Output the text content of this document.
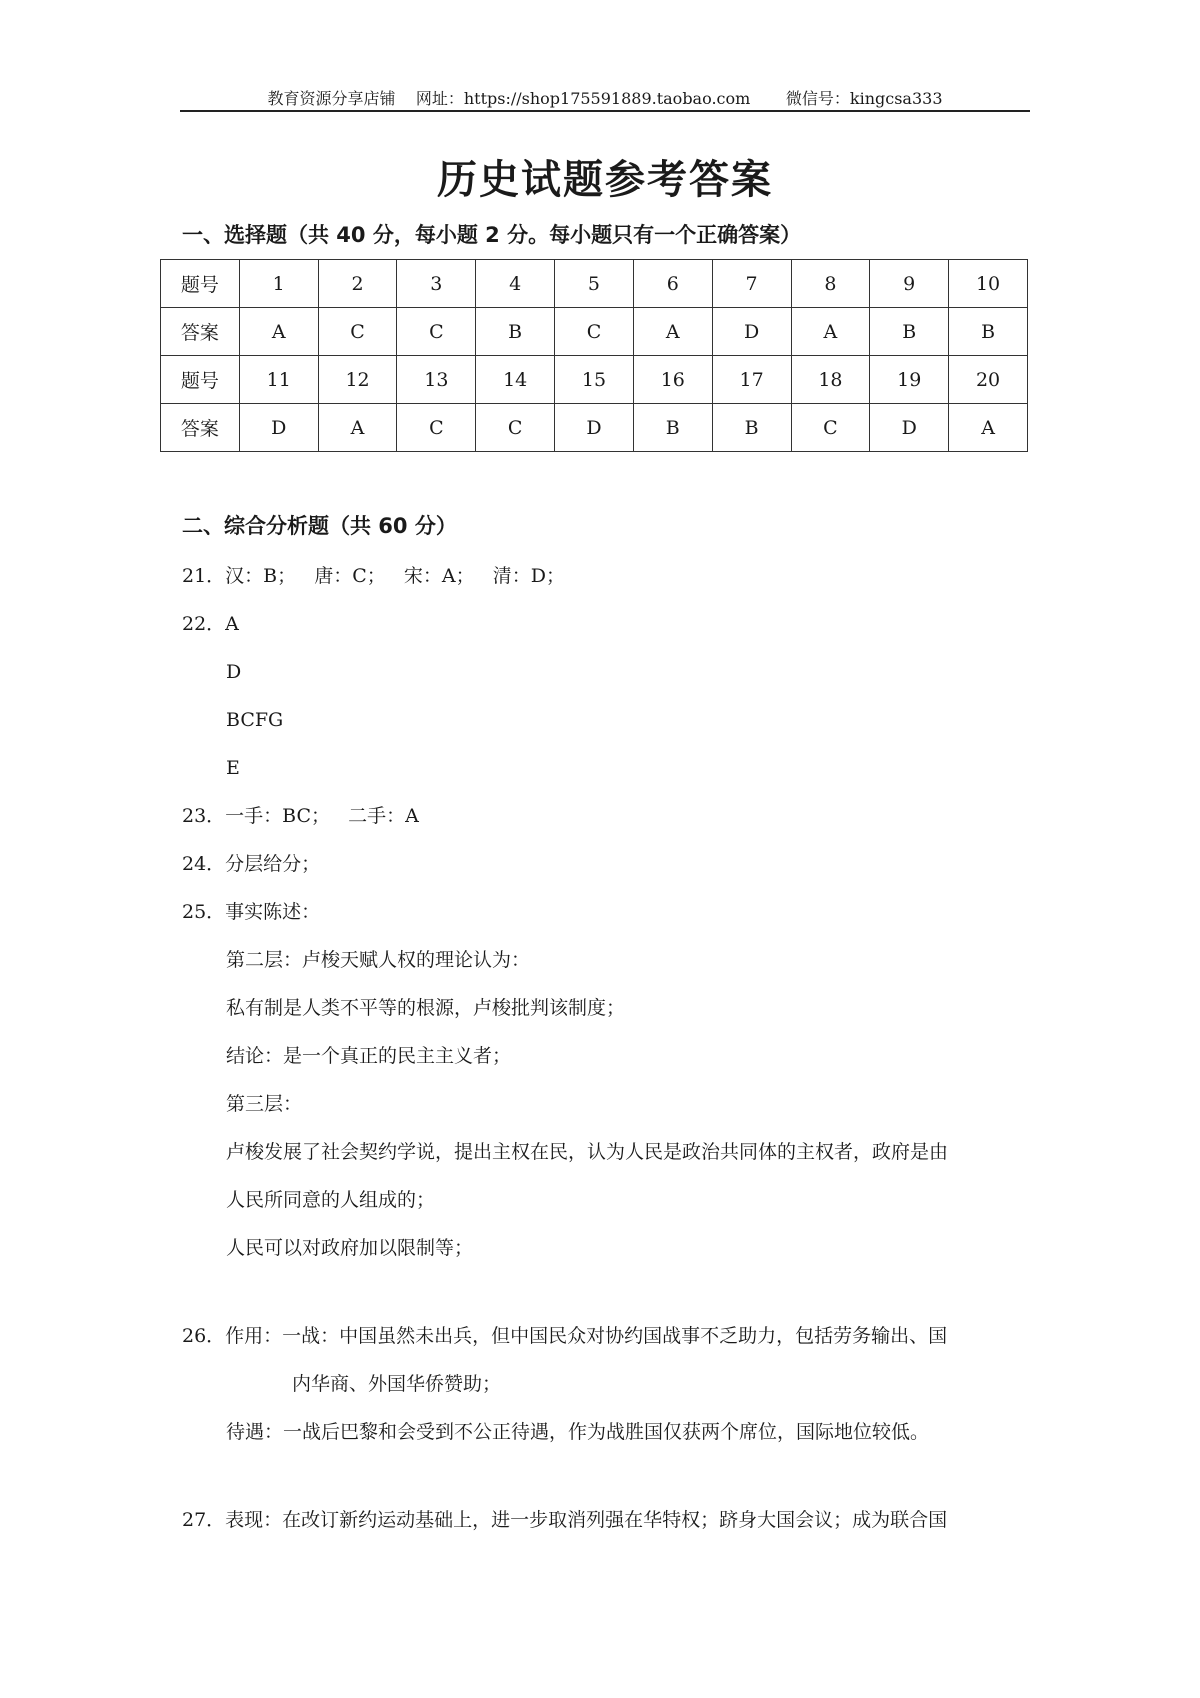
教育资源分享店铺    网址：https://shop175591889.taobao.com       微信号：kingcsa333
历史试题参考答案
一、选择题（共 40 分，每小题 2 分。每小题只有一个正确答案）
题号	1	2	3	4	5	6	7	8	9	10
答案	A	C	C	B	C	A	D	A	B	B
题号	11	12	13	14	15	16	17	18	19	20
答案	D	A	C	C	D	B	B	C	D	A
二、综合分析题（共 60 分）
21．汉：B；   唐：C；   宋：A；   清：D；
22．A
D
BCFG
E
23．一手：BC；   二手：A
24．分层给分；
25．事实陈述：
第二层：卢梭天赋人权的理论认为：
私有制是人类不平等的根源，卢梭批判该制度；
结论：是一个真正的民主主义者；
第三层：
卢梭发展了社会契约学说，提出主权在民，认为人民是政治共同体的主权者，政府是由
人民所同意的人组成的；
人民可以对政府加以限制等；
26．作用：一战：中国虽然未出兵，但中国民众对协约国战事不乏助力，包括劳务输出、国
内华商、外国华侨赞助；
待遇：一战后巴黎和会受到不公正待遇，作为战胜国仅获两个席位，国际地位较低。
27．表现：在改订新约运动基础上，进一步取消列强在华特权；跻身大国会议；成为联合国
